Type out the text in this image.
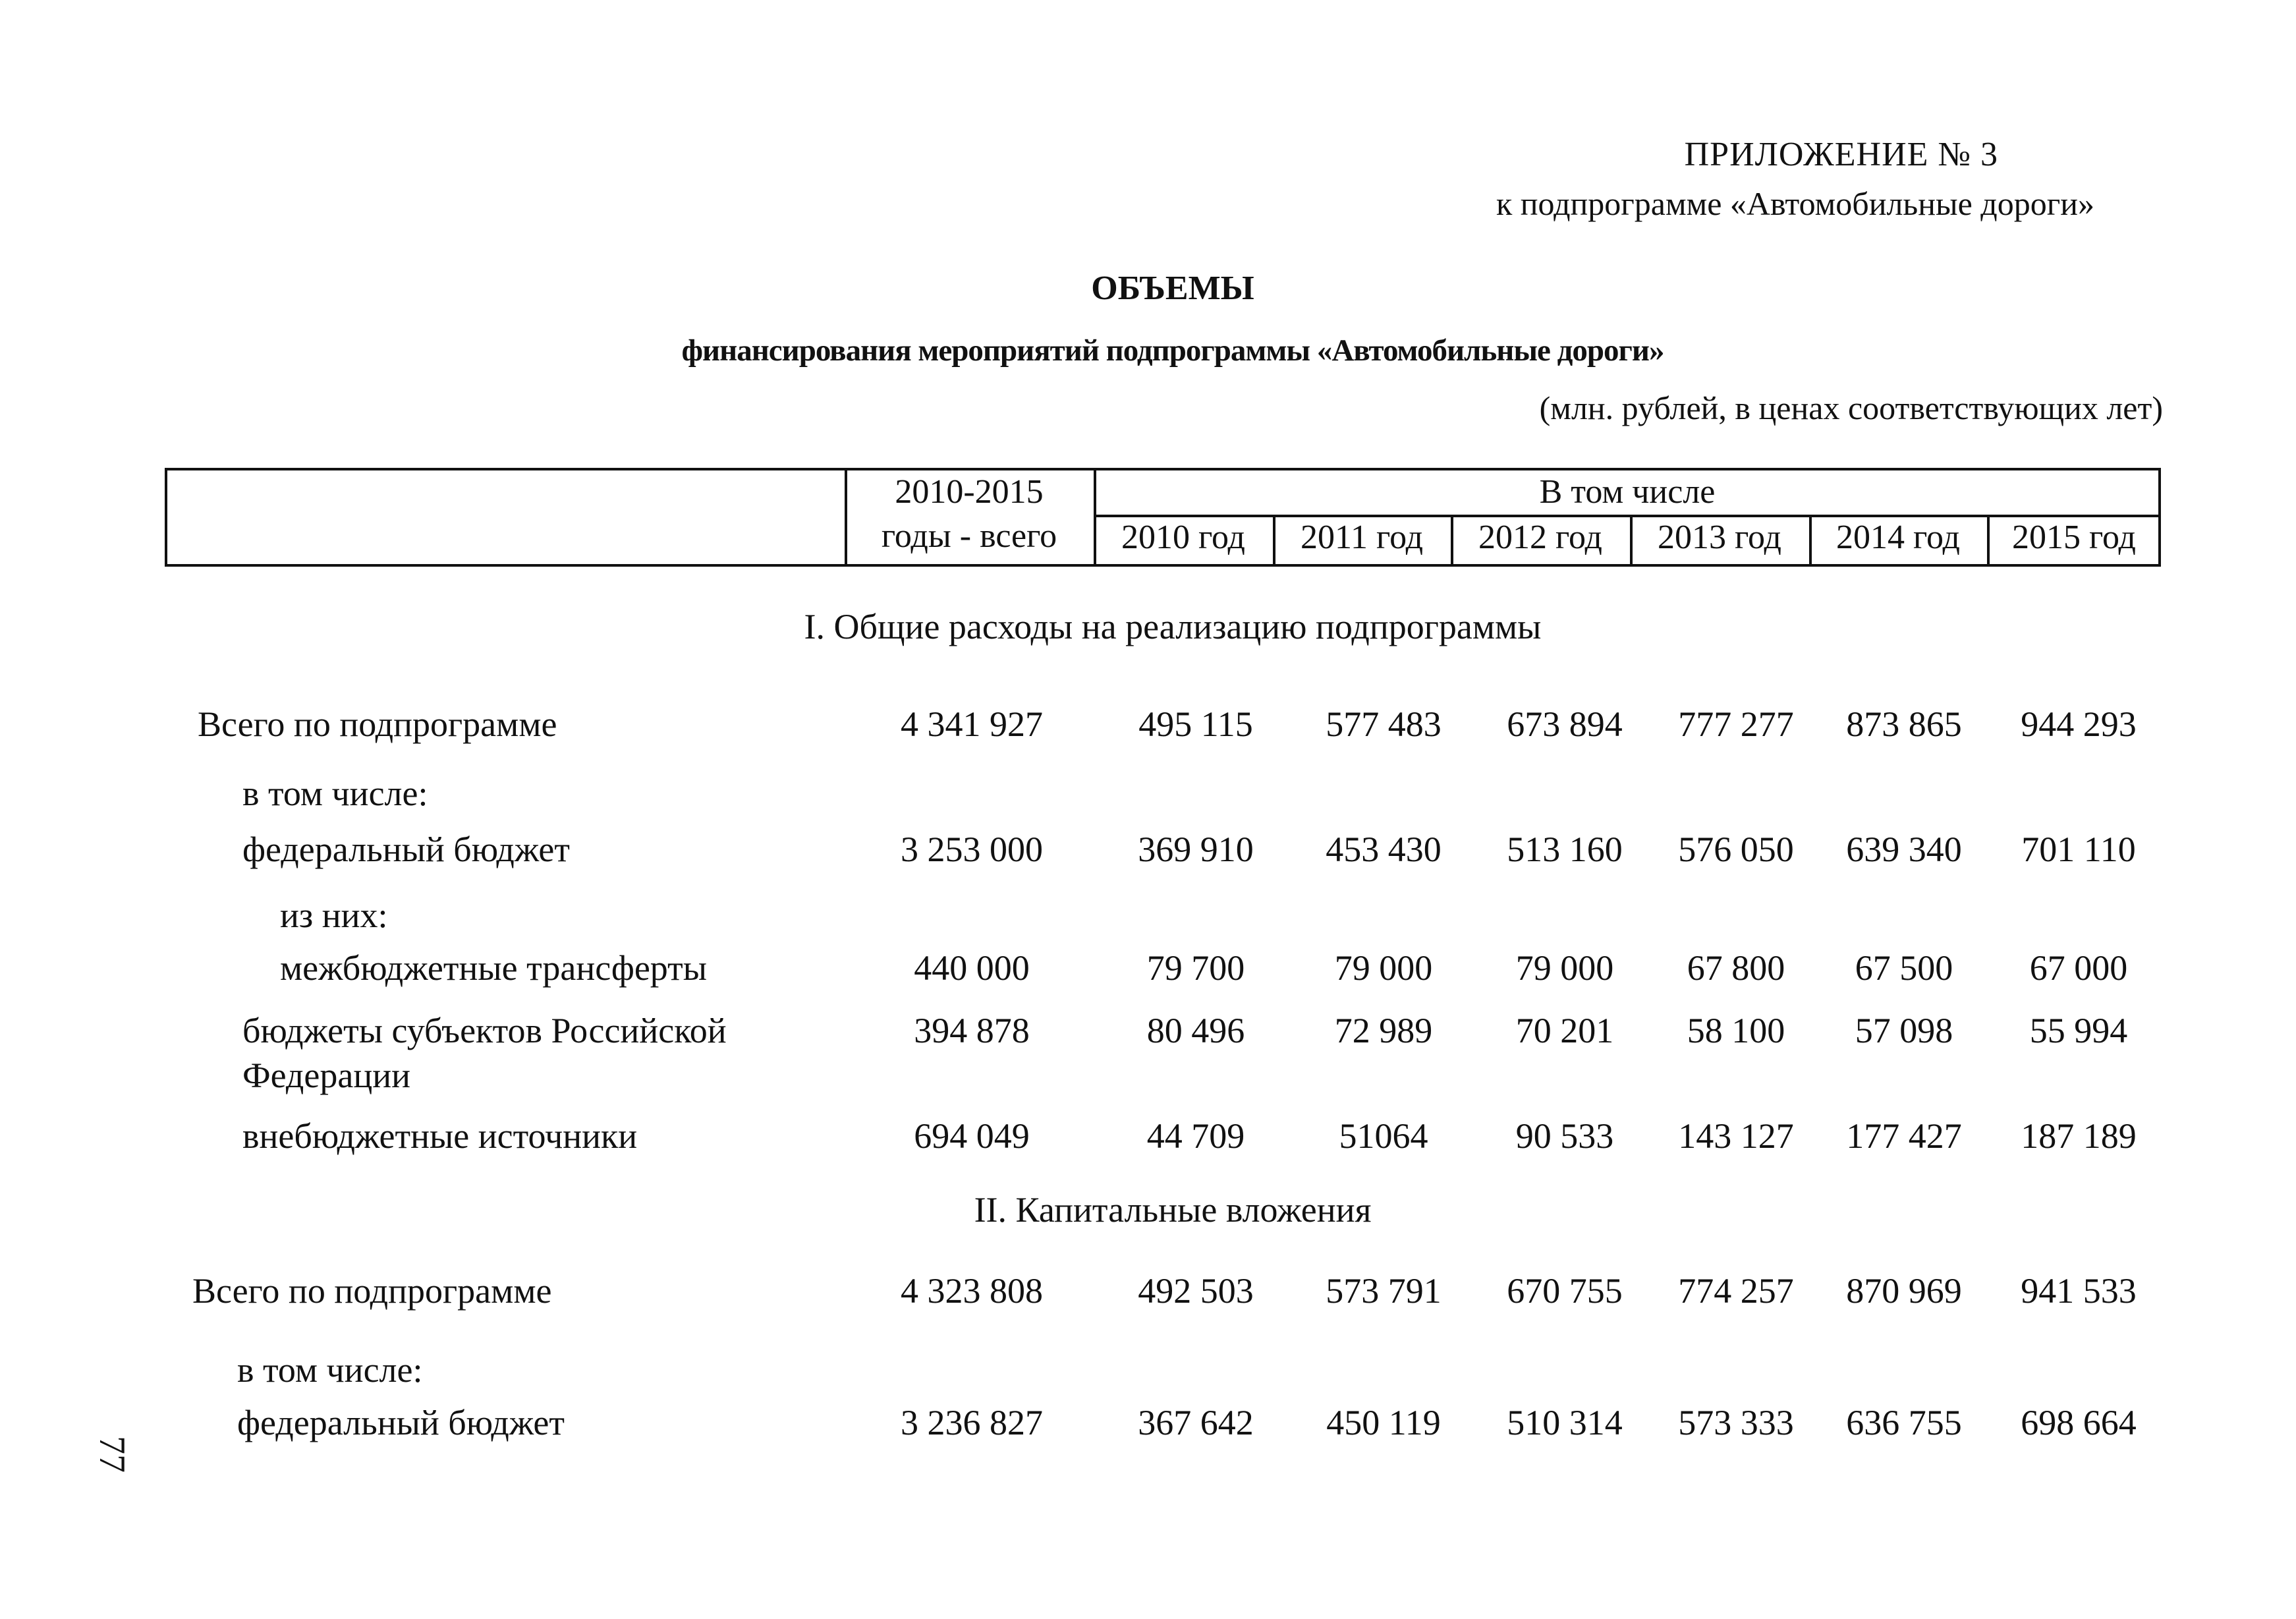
ПРИЛОЖЕНИЕ № 3
к подпрограмме «Автомобильные дороги»
ОБЪЕМЫ
финансирования мероприятий подпрограммы «Автомобильные дороги»
(млн. рублей, в ценах соответствующих лет)
2010-2015
годы - всего
В том числе
2010 год	2011 год	2012 год	2013 год	2014 год	2015 год
I. Общие расходы на реализацию подпрограммы
Всего по подпрограмме	4 341 927	495 115	577 483	673 894	777 277	873 865	944 293
в том числе:
федеральный бюджет	3 253 000	369 910	453 430	513 160	576 050	639 340	701 110
из них:
межбюджетные трансферты	440 000	79 700	79 000	79 000	67 800	67 500	67 000
бюджеты субъектов Российской
Федерации
394 878	80 496	72 989	70 201	58 100	57 098	55 994
внебюджетные источники	694 049	44 709	51064	90 533	143 127	177 427	187 189
II. Капитальные вложения
Всего по подпрограмме	4 323 808	492 503	573 791	670 755	774 257	870 969	941 533
в том числе:
федеральный бюджет	3 236 827	367 642	450 119	510 314	573 333	636 755	698 664
77
